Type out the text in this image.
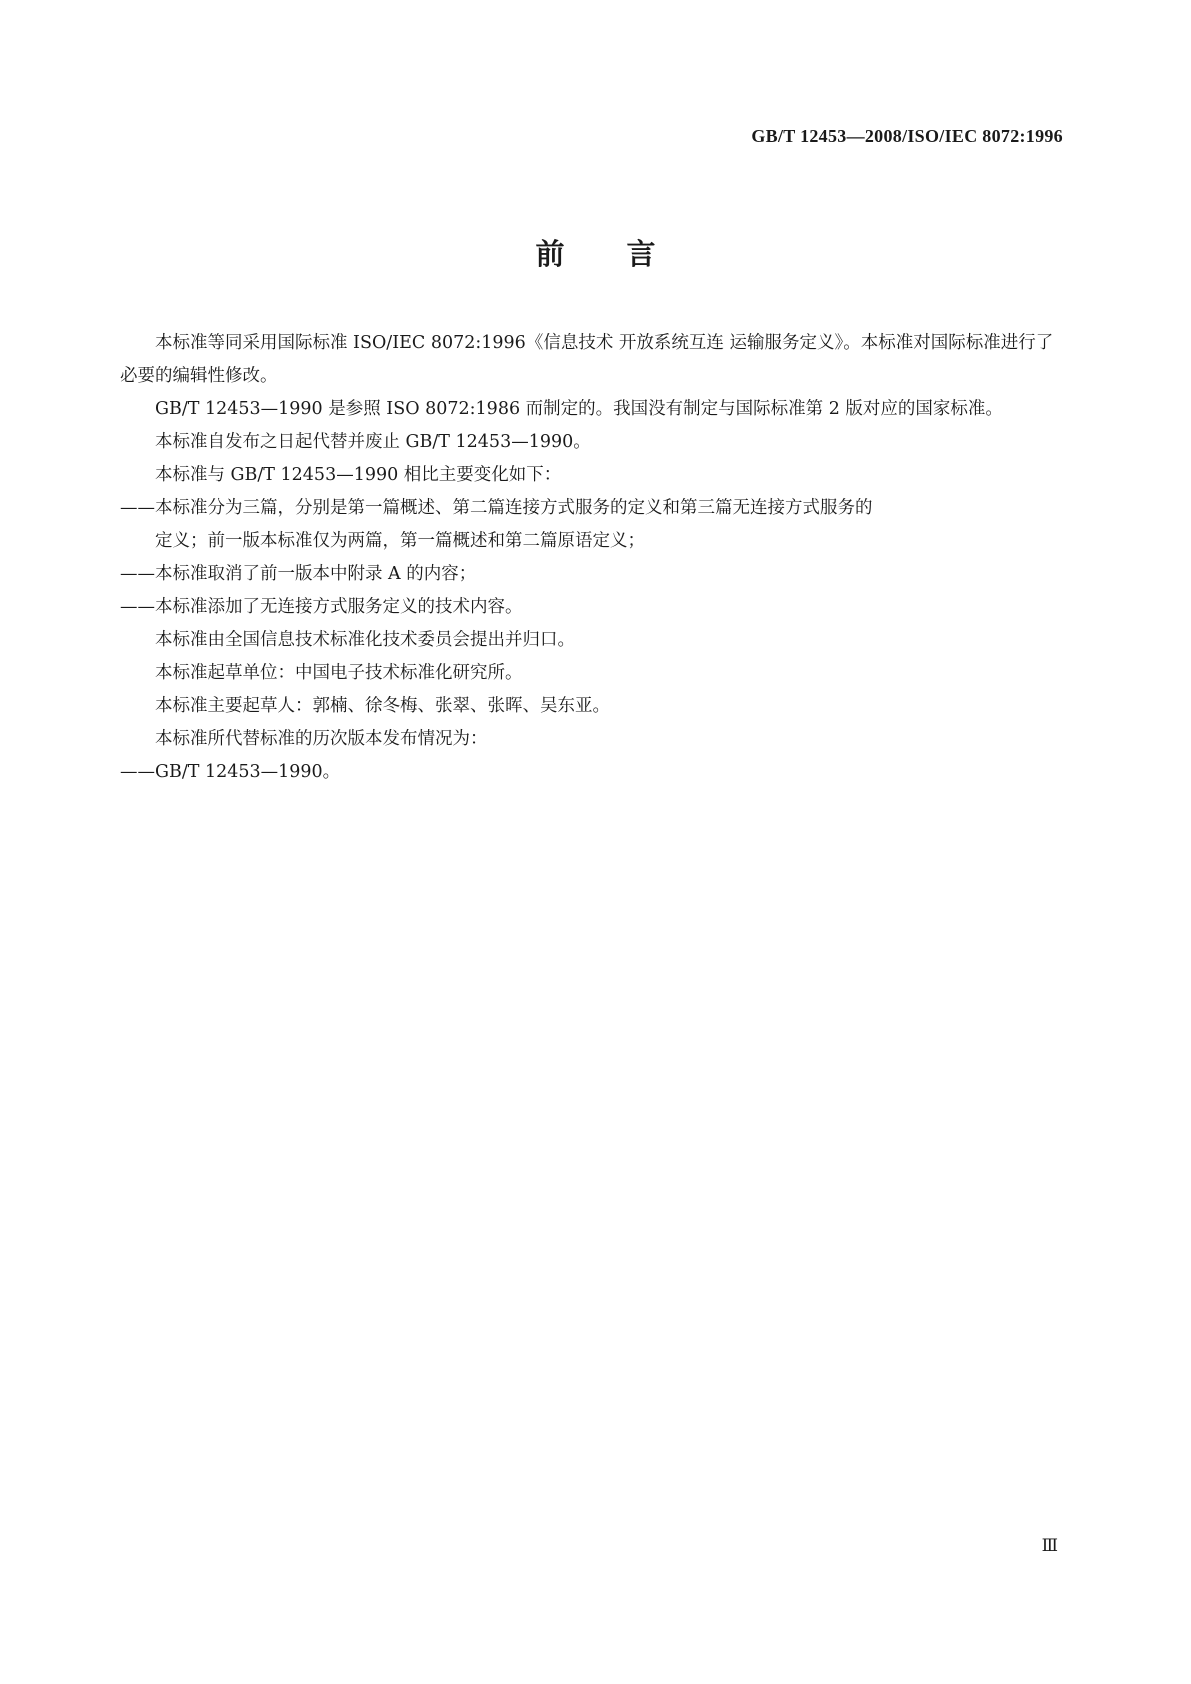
GB/T 12453—2008/ISO/IEC 8072:1996
前言

本标准等同采用国际标准 ISO/IEC 8072:1996《信息技术 开放系统互连 运输服务定义》。本标准对国际标准进行了必要的编辑性修改。

GB/T 12453—1990 是参照 ISO 8072:1986 而制定的。我国没有制定与国际标准第 2 版对应的国家标准。

本标准自发布之日起代替并废止 GB/T 12453—1990。

本标准与 GB/T 12453—1990 相比主要变化如下：

——本标准分为三篇，分别是第一篇概述、第二篇连接方式服务的定义和第三篇无连接方式服务的
定义；前一版本标准仅为两篇，第一篇概述和第二篇原语定义；

——本标准取消了前一版本中附录 A 的内容；

——本标准添加了无连接方式服务定义的技术内容。

本标准由全国信息技术标准化技术委员会提出并归口。

本标准起草单位：中国电子技术标准化研究所。

本标准主要起草人：郭楠、徐冬梅、张翠、张晖、吴东亚。

本标准所代替标准的历次版本发布情况为：

——GB/T 12453—1990。

Ⅲ
